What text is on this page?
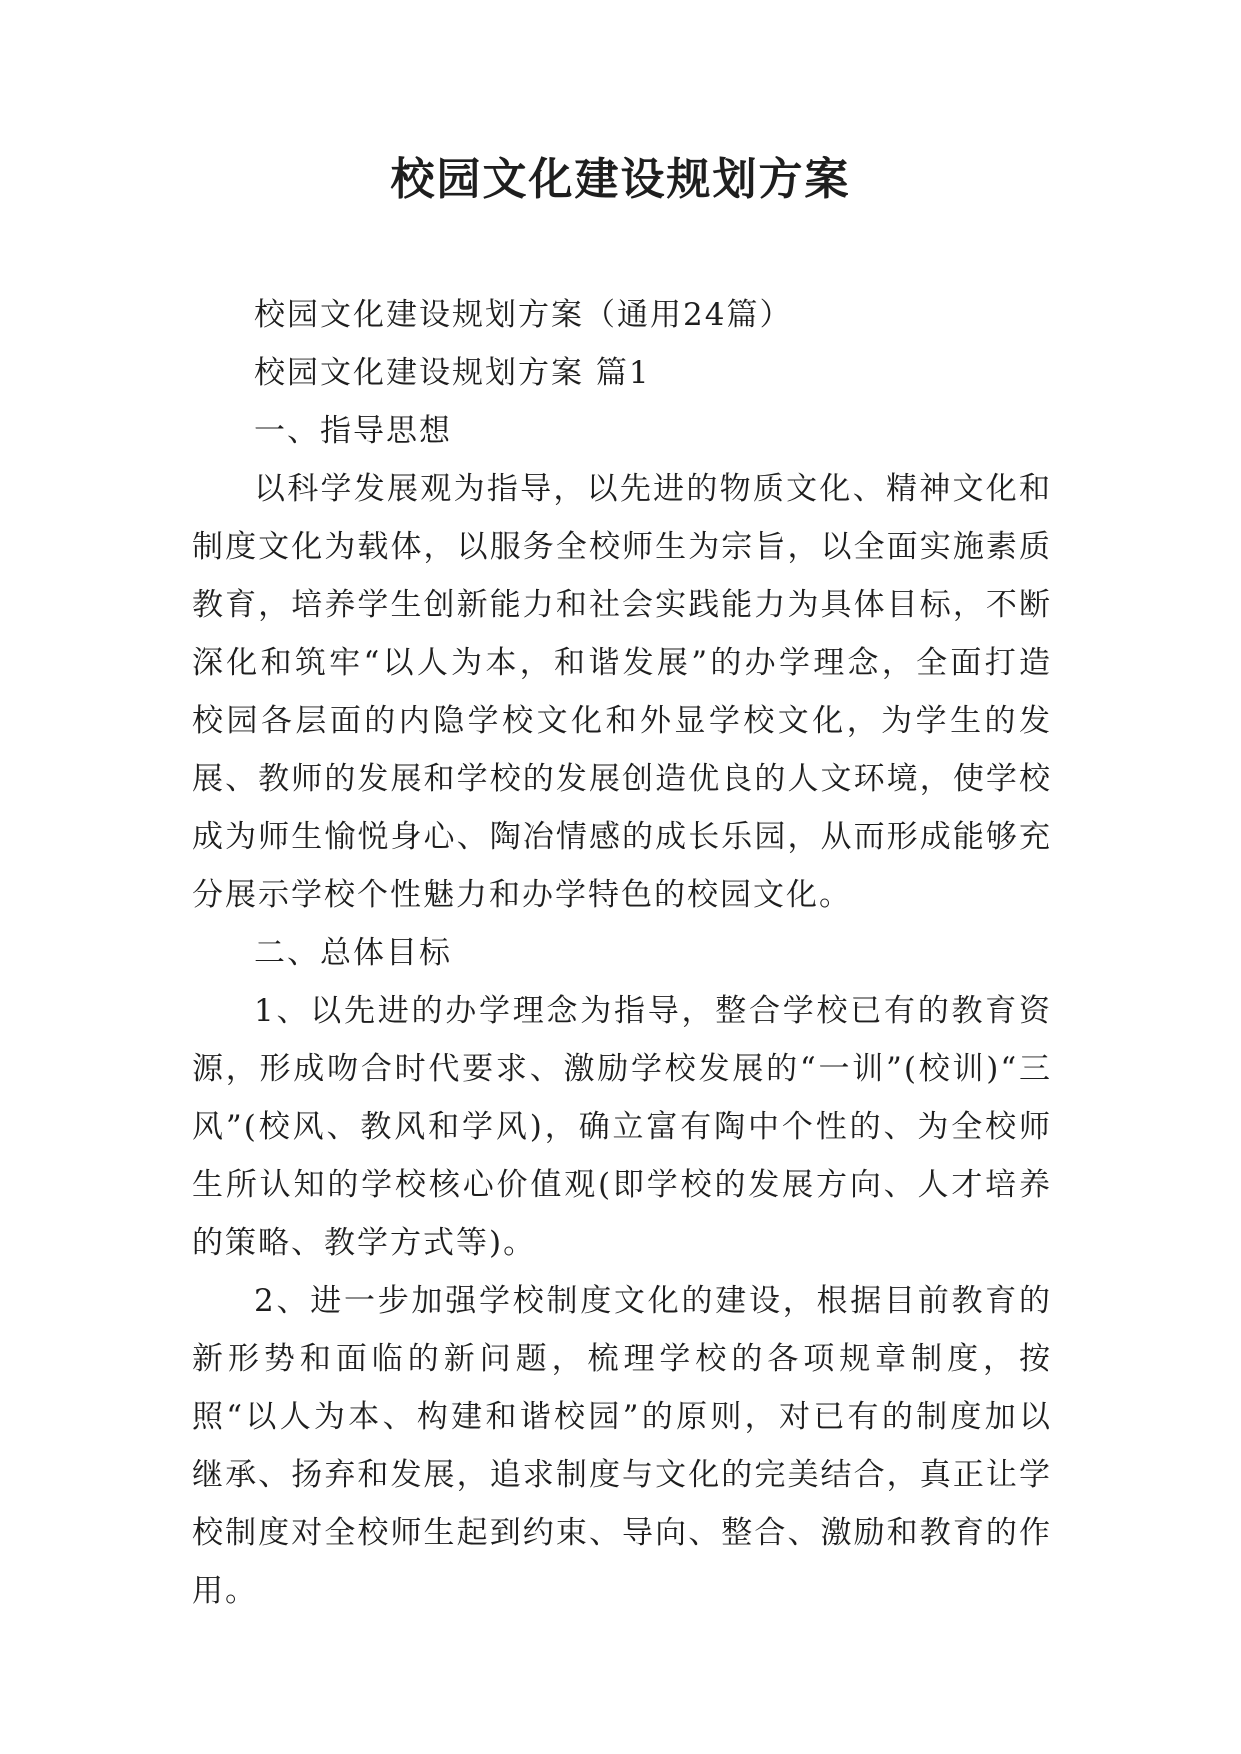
校园文化建设规划方案

校园文化建设规划方案（通用24篇）

校园文化建设规划方案 篇1

一、指导思想

以科学发展观为指导，以先进的物质文化、精神文化和制度文化为载体，以服务全校师生为宗旨，以全面实施素质教育，培养学生创新能力和社会实践能力为具体目标，不断深化和筑牢“以人为本，和谐发展”的办学理念，全面打造校园各层面的内隐学校文化和外显学校文化，为学生的发展、教师的发展和学校的发展创造优良的人文环境，使学校成为师生愉悦身心、陶冶情感的成长乐园，从而形成能够充分展示学校个性魅力和办学特色的校园文化。

二、总体目标

1、以先进的办学理念为指导，整合学校已有的教育资源，形成吻合时代要求、激励学校发展的“一训”(校训)“三风”(校风、教风和学风)，确立富有陶中个性的、为全校师生所认知的学校核心价值观(即学校的发展方向、人才培养的策略、教学方式等)。

2、进一步加强学校制度文化的建设，根据目前教育的新形势和面临的新问题，梳理学校的各项规章制度，按照“以人为本、构建和谐校园”的原则，对已有的制度加以继承、扬弃和发展，追求制度与文化的完美结合，真正让学校制度对全校师生起到约束、导向、整合、激励和教育的作用。
